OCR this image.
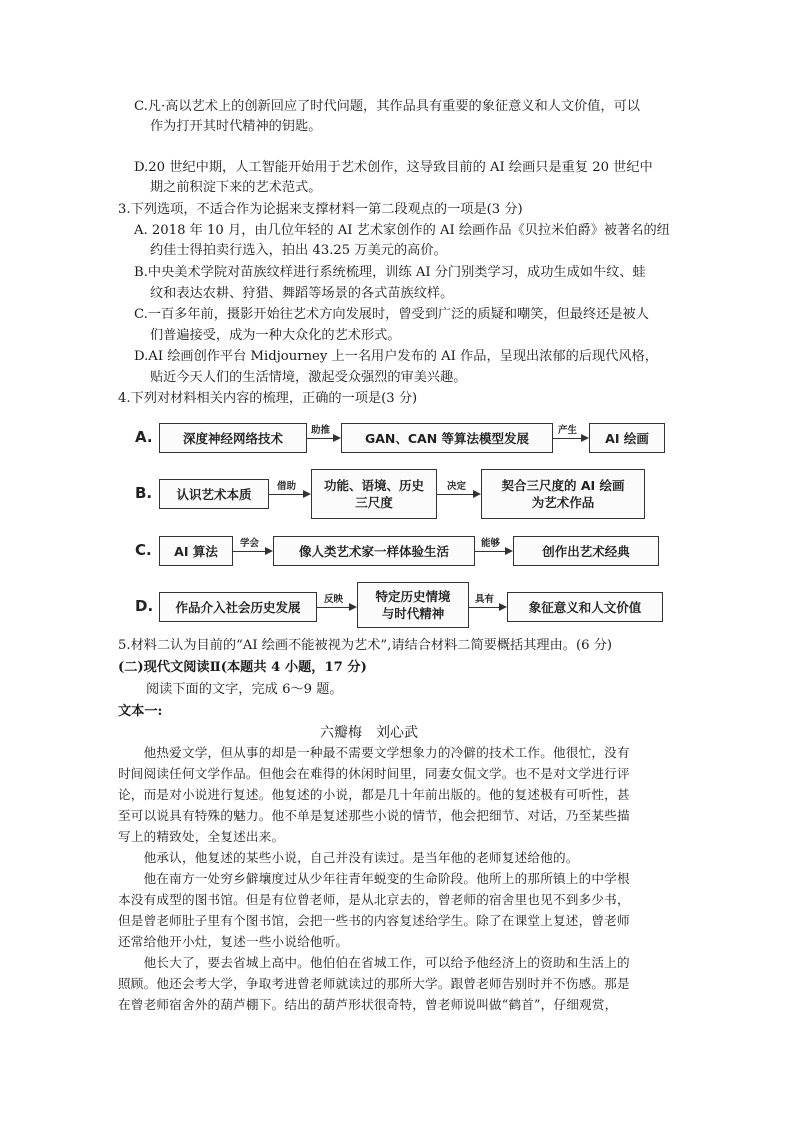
C.凡·高以艺术上的创新回应了时代问题，其作品具有重要的象征意义和人文价值，可以
作为打开其时代精神的钥匙。
D.20 世纪中期，人工智能开始用于艺术创作，这导致目前的 AI 绘画只是重复 20 世纪中
期之前积淀下来的艺术范式。
3.下列选项，不适合作为论据来支撑材料一第二段观点的一项是(3 分)
A. 2018 年 10 月，由几位年轻的 AI 艺术家创作的 AI 绘画作品《贝拉米伯爵》被著名的纽
约佳士得拍卖行选入，拍出 43.25 万美元的高价。
B.中央美术学院对苗族纹样进行系统梳理，训练 AI 分门别类学习，成功生成如牛纹、蛙
纹和表达农耕、狩猎、舞蹈等场景的各式苗族纹样。
C.一百多年前，摄影开始往艺术方向发展时，曾受到广泛的质疑和嘲笑，但最终还是被人
们普遍接受，成为一种大众化的艺术形式。
D.AI 绘画创作平台 Midjourney 上一名用户发布的 AI 作品，呈现出浓郁的后现代风格，
贴近今天人们的生活情境，激起受众强烈的审美兴趣。
4.下列对材料相关内容的梳理，正确的一项是(3 分)
A.	深度神经网络技术	助推	GAN、CAN 等算法模型发展	产生	AI 绘画
B.	认识艺术本质	借助 功能、语境、历史
三尺度
决定	契合三尺度的 AI 绘画
为艺术作品
C.	AI 算法	学会	像人类艺术家一样体验生活	能够	创作出艺术经典
D.	作品介入社会历史发展	反映	特定历史情境
与时代精神
具有	象征意义和人文价值
5.材料二认为目前的“AI 绘画不能被视为艺术”,请结合材料二简要概括其理由。(6 分)
(二)现代文阅读Ⅱ(本题共 4 小题，17 分)
阅读下面的文字，完成 6～9 题。
文本一:
六瓣梅　刘心武
　　他热爱文学，但从事的却是一种最不需要文学想象力的冷僻的技术工作。他很忙，没有
时间阅读任何文学作品。但他会在难得的休闲时间里，同妻女侃文学。也不是对文学进行评
论，而是对小说进行复述。他复述的小说，都是几十年前出版的。他的复述极有可听性，甚
至可以说具有特殊的魅力。他不单是复述那些小说的情节，他会把细节、对话，乃至某些描
写上的精致处，全复述出来。
　　他承认，他复述的某些小说，自己并没有读过。是当年他的老师复述给他的。
　　他在南方一处穷乡僻壤度过从少年往青年蜕变的生命阶段。他所上的那所镇上的中学根
本没有成型的图书馆。但是有位曾老师，是从北京去的，曾老师的宿舍里也见不到多少书，
但是曾老师肚子里有个图书馆，会把一些书的内容复述给学生。除了在课堂上复述，曾老师
还常给他开小灶，复述一些小说给他听。
　　他长大了，要去省城上高中。他伯伯在省城工作，可以给予他经济上的资助和生活上的
照顾。他还会考大学，争取考进曾老师就读过的那所大学。跟曾老师告别时并不伤感。那是
在曾老师宿舍外的葫芦棚下。结出的葫芦形状很奇特，曾老师说叫做“鹤首”，仔细观赏，
